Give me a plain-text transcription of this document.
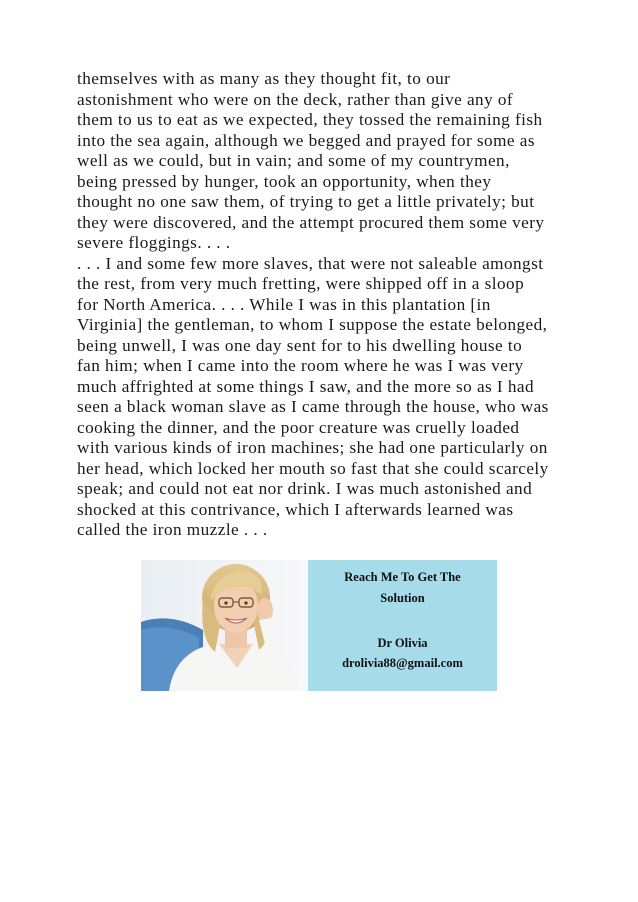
themselves with as many as they thought fit, to our
astonishment who were on the deck, rather than give any of
them to us to eat as we expected, they tossed the remaining fish
into the sea again, although we begged and prayed for some as
well as we could, but in vain; and some of my countrymen,
being pressed by hunger, took an opportunity, when they
thought no one saw them, of trying to get a little privately; but
they were discovered, and the attempt procured them some very
severe floggings. . . .
. . . I and some few more slaves, that were not saleable amongst
the rest, from very much fretting, were shipped off in a sloop
for North America. . . . While I was in this plantation [in
Virginia] the gentleman, to whom I suppose the estate belonged,
being unwell, I was one day sent for to his dwelling house to
fan him; when I came into the room where he was I was very
much affrighted at some things I saw, and the more so as I had
seen a black woman slave as I came through the house, who was
cooking the dinner, and the poor creature was cruelly loaded
with various kinds of iron machines; she had one particularly on
her head, which locked her mouth so fast that she could scarcely
speak; and could not eat nor drink. I was much astonished and
shocked at this contrivance, which I afterwards learned was
called the iron muzzle . . .
Reach Me To Get The
Solution
Dr Olivia
drolivia88@gmail.com
